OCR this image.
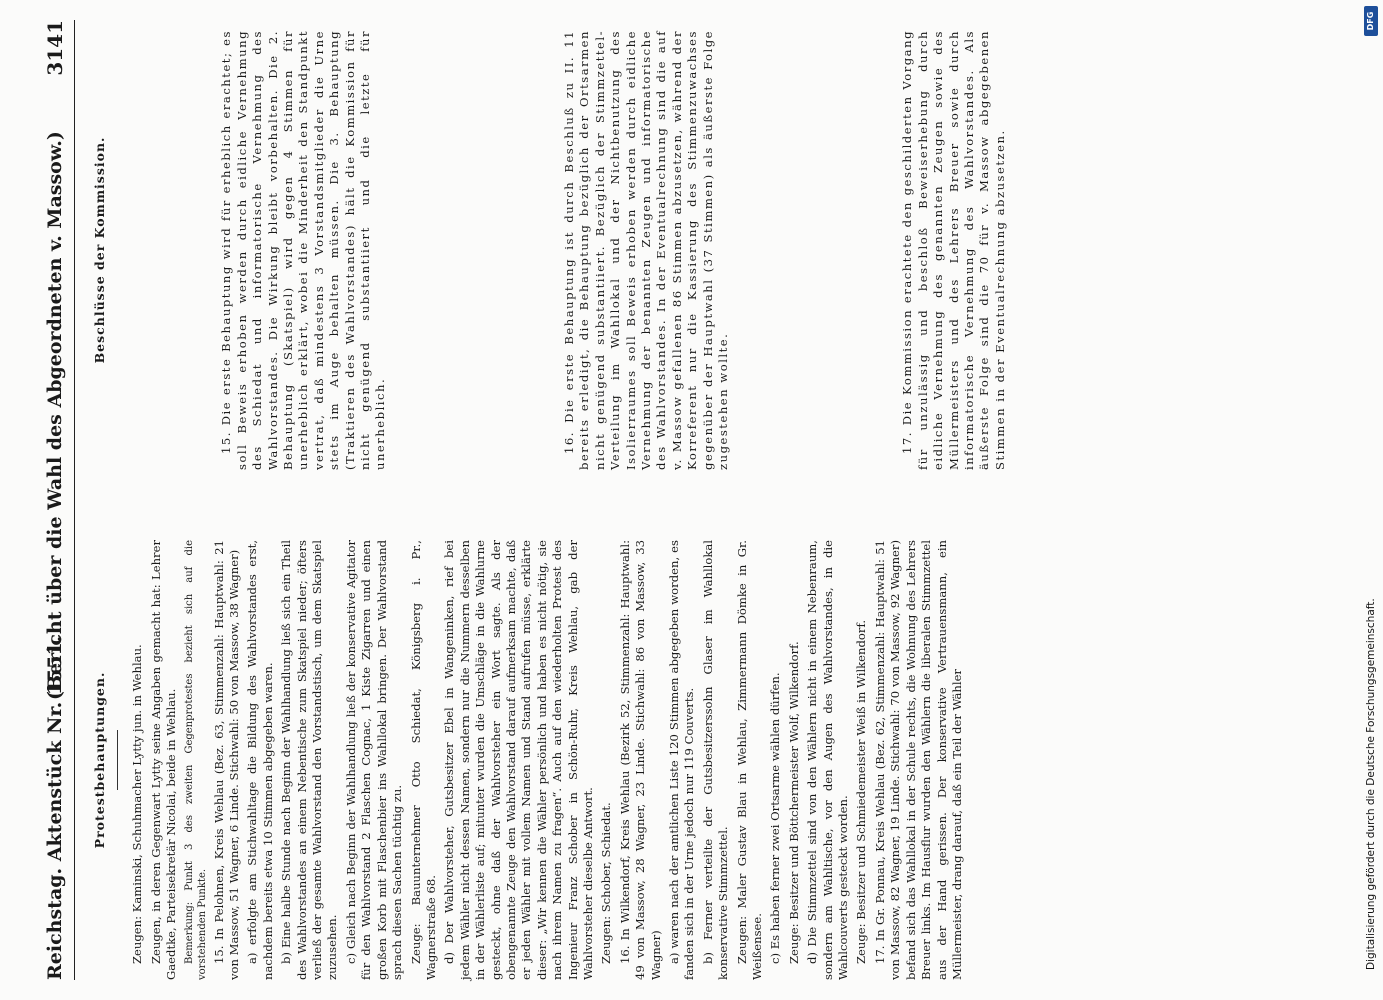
Reichstag. Aktenstück Nr. 1551.
(Bericht über die Wahl des Abgeordneten v. Massow.)
3141
Protestbehauptungen. Zeugen: Kaminski, Schuhmacher Lytty jun. in Wehlau. Zeugen, in deren Gegenwart Lytty seine Angaben gemacht hat: Lehrer Gaedtke, Parteisekretär Nicolai, beide in Wehlau. Bemerkung: Punkt 3 des zweiten Gegenprotestes bezieht sich auf die vorstehenden Punkte. 15. In Pelohnen, Kreis Wehlau (Bez. 63, Stimmenzahl: Hauptwahl: 21 von Massow, 51 Wagner, 6 Linde. Stichwahl: 50 von Massow, 38 Wagner) a) erfolgte am Stichwahltage die Bildung des Wahlvorstandes erst, nachdem bereits etwa 10 Stimmen abgegeben waren. b) Eine halbe Stunde nach Beginn der Wahlhandlung ließ sich ein Theil des Wahlvorstandes an einem Nebentische zum Skatspiel nieder; öfters verließ der gesamte Wahlvorstand den Vorstandstisch, um dem Skatspiel zuzusehen. c) Gleich nach Beginn der Wahlhandlung ließ der konservative Agitator für den Wahlvorstand 2 Flaschen Cognac, 1 Kiste Zigarren und einen großen Korb mit Flaschenbier ins Wahllokal bringen. Der Wahlvorstand sprach diesen Sachen tüchtig zu. Zeuge: Bauunternehmer Otto Schiedat, Königsberg i. Pr., Wagnerstraße 68. d) Der Wahlvorsteher, Gutsbesitzer Ebel in Wangeninken, rief bei jedem Wähler nicht dessen Namen, sondern nur die Nummern desselben in der Wählerliste auf; mitunter wurden die Umschläge in die Wahlurne gesteckt, ohne daß der Wahlvorsteher ein Wort sagte. Als der obengenannte Zeuge den Wahlvorstand darauf aufmerksam machte, daß er jeden Wähler mit vollem Namen und Stand aufrufen müsse, erklärte dieser: „Wir kennen die Wähler persönlich und haben es nicht nötig, sie nach ihrem Namen zu fragen“. Auch auf den wiederholten Protest des Ingenieur Franz Schober in Schön-Ruhr, Kreis Wehlau, gab der Wahlvorsteher dieselbe Antwort. Zeugen: Schober, Schiedat. 16. In Wilkendorf, Kreis Wehlau (Bezirk 52, Stimmenzahl: Hauptwahl: 49 von Massow, 28 Wagner, 23 Linde. Stichwahl: 86 von Massow, 33 Wagner) a) waren nach der amtlichen Liste 120 Stimmen abgegeben worden, es fanden sich in der Urne jedoch nur 119 Couverts. b) Ferner verteilte der Gutsbesitzerssohn Glaser im Wahllokal konservative Stimmzettel. Zeugen: Maler Gustav Blau in Wehlau, Zimmermann Dömke in Gr. Weißensee. c) Es haben ferner zwei Ortsarme wählen dürfen. Zeuge: Besitzer und Böttchermeister Wolf, Wilkendorf. d) Die Stimmzettel sind von den Wählern nicht in einem Nebenraum, sondern am Wahltische, vor den Augen des Wahlvorstandes, in die Wahlcouverts gesteckt worden. Zeuge: Besitzer und Schmiedemeister Weiß in Wilkendorf. 17. In Gr. Ponnau, Kreis Wehlau (Bez. 62, Stimmenzahl: Hauptwahl: 51 von Massow, 82 Wagner, 19 Linde. Stichwahl: 70 von Massow, 92 Wagner) befand sich das Wahllokal in der Schule rechts, die Wohnung des Lehrers Breuer links. Im Hausflur wurden den Wählern die liberalen Stimmzettel aus der Hand gerissen. Der konservative Vertrauensmann, ein Müllermeister, drang darauf, daß ein Teil der Wähler

Beschlüsse der Kommission.	15. Die erste Behauptung wird für erheblich erachtet; es soll Beweis erhoben werden durch eidliche Vernehmung des Schiedat und informatorische Vernehmung des Wahlvorstandes. Die Wirkung bleibt vorbehalten. Die 2. Behauptung (Skatspiel) wird gegen 4 Stimmen für unerheblich erklärt, wobei die Minderheit den Standpunkt vertrat, daß mindestens 3 Vorstandsmitglieder die Urne stets im Auge behalten müssen. Die 3. Behauptung (Traktieren des Wahlvorstandes) hält die Kommission für nicht genügend substantiiert und die letzte für unerheblich.	16. Die erste Behauptung ist durch Beschluß zu II. 11 bereits erledigt, die Behauptung bezüglich der Ortsarmen nicht genügend substantiiert. Bezüglich der Stimmzettel-Verteilung im Wahllokal und der Nichtbenutzung des Isolierraumes soll Beweis erhoben werden durch eidliche Vernehmung der benannten Zeugen und informatorische des Wahlvorstandes. In der Eventualrechnung sind die auf v. Massow gefallenen 86 Stimmen abzusetzen, während der Korreferent nur die Kassierung des Stimmenzuwachses gegenüber der Hauptwahl (37 Stimmen) als äußerste Folge zugestehen wollte.	17. Die Kommission erachtete den geschilderten Vorgang für unzulässig und beschloß Beweiserhebung durch eidliche Vernehmung des genannten Zeugen sowie des Müllermeisters und des Lehrers Breuer sowie durch informatorische Vernehmung des Wahlvorstandes. Als äußerste Folge sind die 70 für v. Massow abgegebenen Stimmen in der Eventualrechnung abzusetzen.

Digitalisierung gefördert durch die Deutsche Forschungsgemeinschaft.
DFG
